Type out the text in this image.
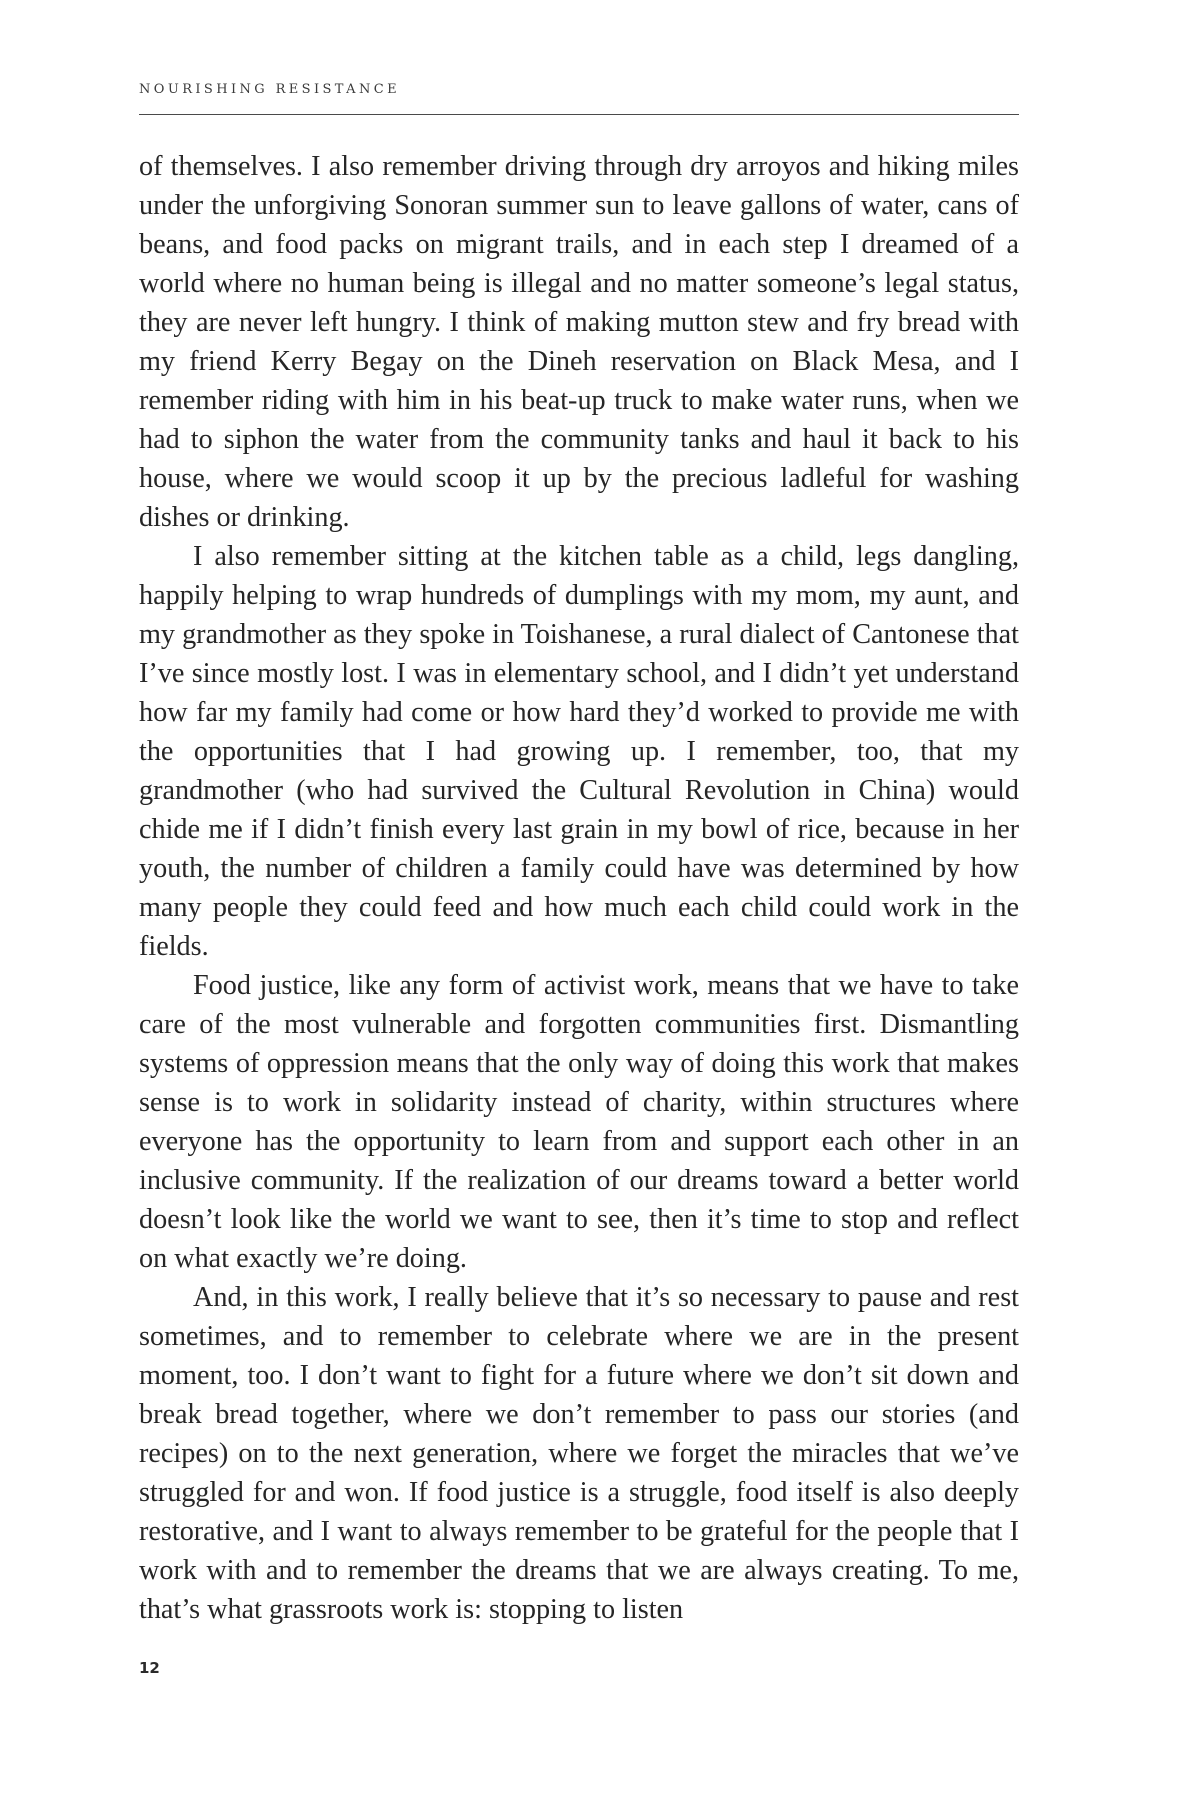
NOURISHING RESISTANCE

of themselves. I also remember driving through dry arroyos and hiking miles under the unforgiving Sonoran summer sun to leave gallons of water, cans of beans, and food packs on migrant trails, and in each step I dreamed of a world where no human being is illegal and no matter someone’s legal status, they are never left hungry. I think of making mutton stew and fry bread with my friend Kerry Begay on the Dineh reservation on Black Mesa, and I remember riding with him in his beat-up truck to make water runs, when we had to siphon the water from the community tanks and haul it back to his house, where we would scoop it up by the precious ladleful for washing dishes or drinking.

I also remember sitting at the kitchen table as a child, legs dangling, happily helping to wrap hundreds of dumplings with my mom, my aunt, and my grandmother as they spoke in Toishanese, a rural dialect of Cantonese that I’ve since mostly lost. I was in elementary school, and I didn’t yet understand how far my family had come or how hard they’d worked to provide me with the opportunities that I had growing up. I remember, too, that my grandmother (who had survived the Cultural Revolution in China) would chide me if I didn’t finish every last grain in my bowl of rice, because in her youth, the number of children a family could have was determined by how many people they could feed and how much each child could work in the fields.

Food justice, like any form of activist work, means that we have to take care of the most vulnerable and forgotten communities first. Dismantling systems of oppression means that the only way of doing this work that makes sense is to work in solidarity instead of charity, within structures where everyone has the opportunity to learn from and support each other in an inclusive community. If the realization of our dreams toward a better world doesn’t look like the world we want to see, then it’s time to stop and reflect on what exactly we’re doing.

And, in this work, I really believe that it’s so necessary to pause and rest sometimes, and to remember to celebrate where we are in the present moment, too. I don’t want to fight for a future where we don’t sit down and break bread together, where we don’t remember to pass our stories (and recipes) on to the next generation, where we forget the miracles that we’ve struggled for and won. If food justice is a struggle, food itself is also deeply restorative, and I want to always remember to be grateful for the people that I work with and to remember the dreams that we are always creating. To me, that’s what grassroots work is: stopping to listen

12
